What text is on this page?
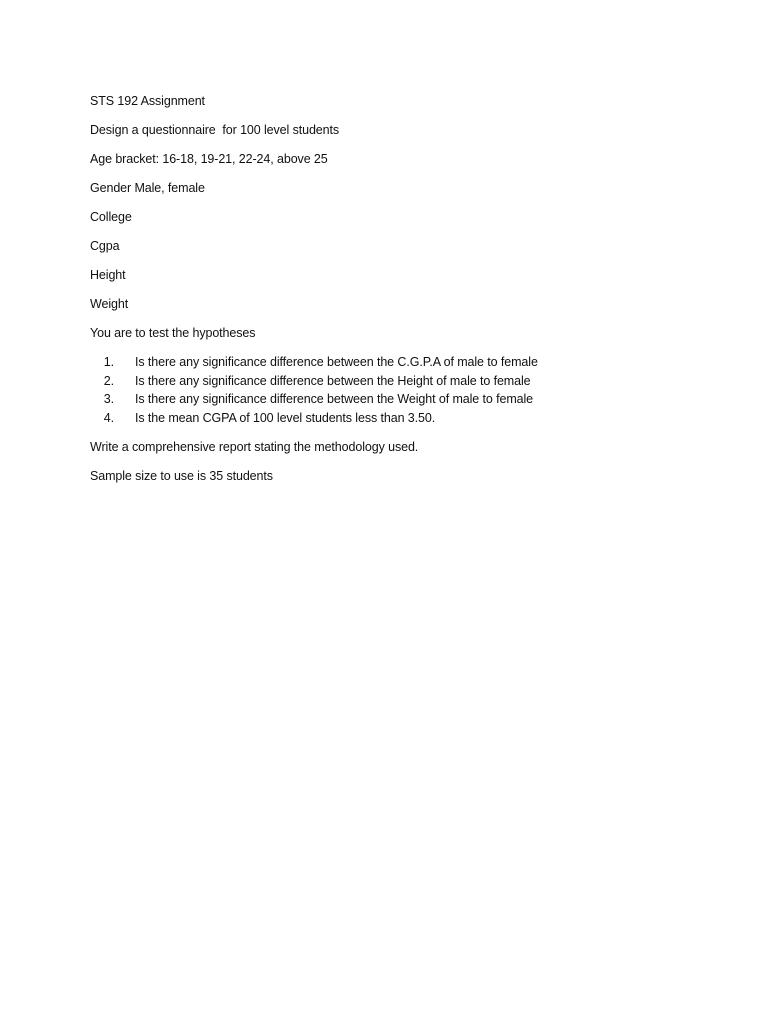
STS 192 Assignment

Design a questionnaire  for 100 level students

Age bracket: 16-18, 19-21, 22-24, above 25

Gender Male, female

College

Cgpa

Height

Weight

You are to test the hypotheses

1. Is there any significance difference between the C.G.P.A of male to female
2. Is there any significance difference between the Height of male to female
3. Is there any significance difference between the Weight of male to female
4. Is the mean CGPA of 100 level students less than 3.50.

Write a comprehensive report stating the methodology used.

Sample size to use is 35 students
